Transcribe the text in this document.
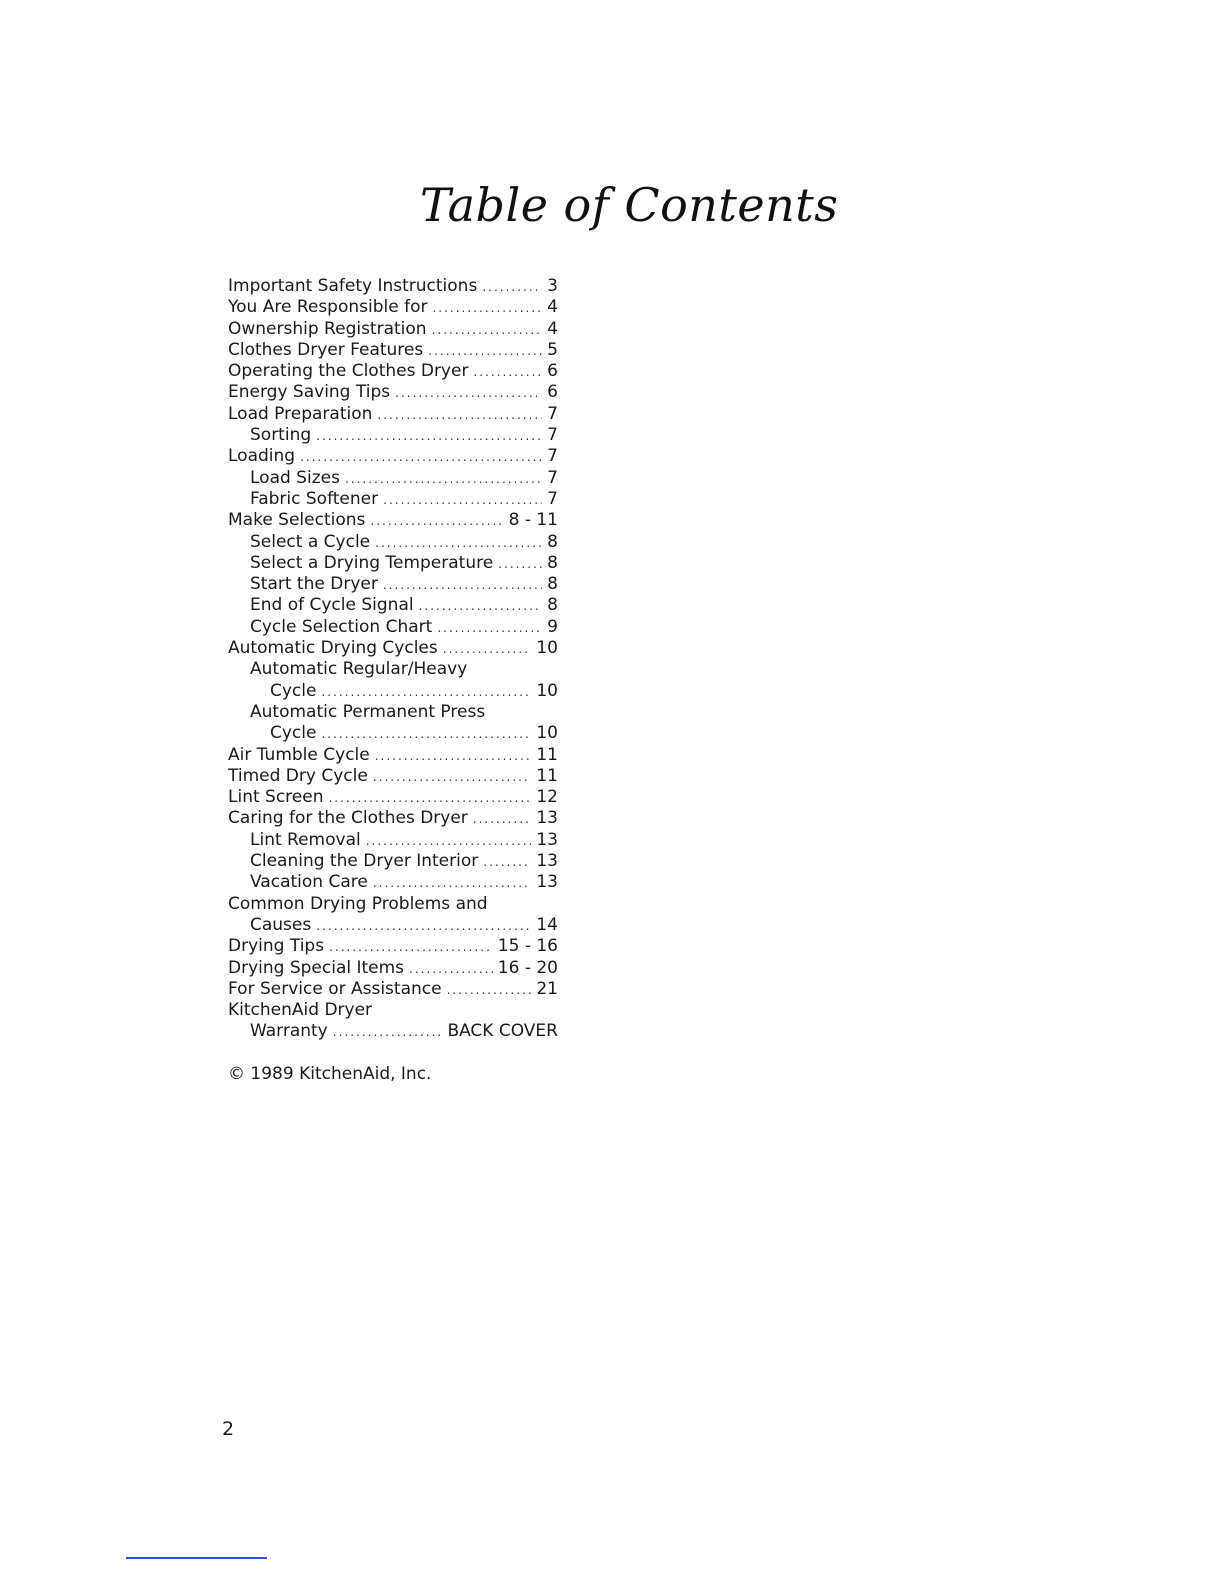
Table of Contents
Important Safety Instructions .....	3
You Are Responsible for .....	4
Ownership Registration .....	4
Clothes Dryer Features .....	5
Operating the Clothes Dryer .....	6
Energy Saving Tips .....	6
Load Preparation .....	7
Sorting .....	7
Loading .....	7
Load Sizes .....	7
Fabric Softener .....	7
Make Selections .....	8 - 11
Select a Cycle .....	8
Select a Drying Temperature .....	8
Start the Dryer .....	8
End of Cycle Signal .....	8
Cycle Selection Chart .....	9
Automatic Drying Cycles .....	10
Automatic Regular/Heavy
Cycle .....	10
Automatic Permanent Press
Cycle .....	10
Air Tumble Cycle .....	11
Timed Dry Cycle .....	11
Lint Screen .....	12
Caring for the Clothes Dryer .....	13
Lint Removal .....	13
Cleaning the Dryer Interior .....	13
Vacation Care .....	13
Common Drying Problems and
Causes .....	14
Drying Tips .....	15 - 16
Drying Special Items .....	16 - 20
For Service or Assistance .....	21
KitchenAid Dryer
Warranty .....	BACK COVER
© 1989 KitchenAid, Inc.
2
